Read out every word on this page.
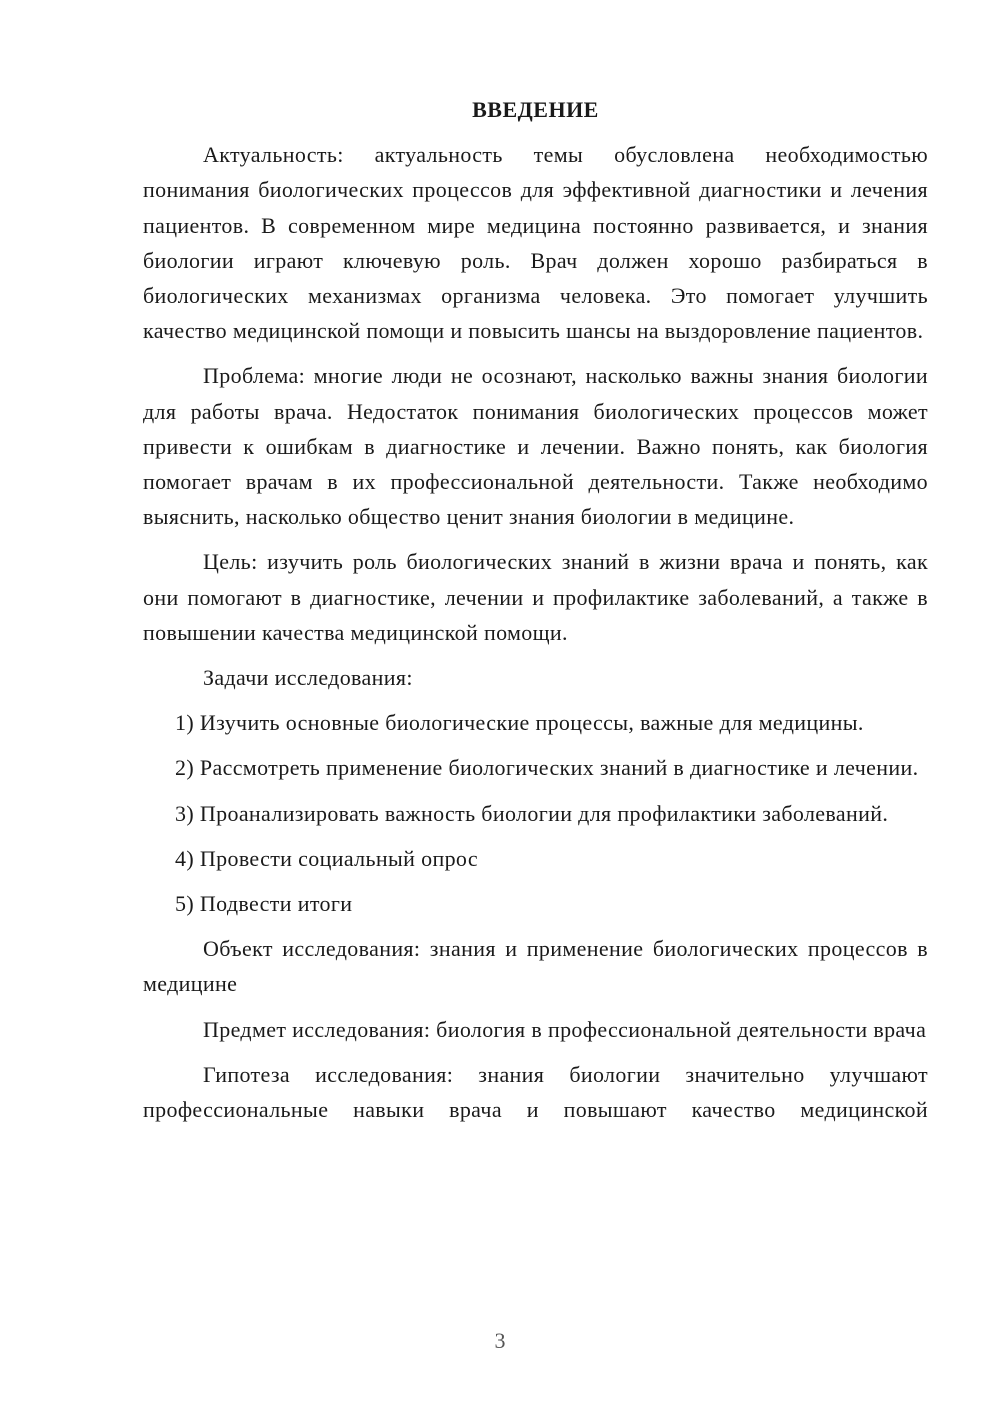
ВВЕДЕНИЕ

Актуальность: актуальность темы обусловлена необходимостью понимания биологических процессов для эффективной диагностики и лечения пациентов. В современном мире медицина постоянно развивается, и знания биологии играют ключевую роль. Врач должен хорошо разбираться в биологических механизмах организма человека. Это помогает улучшить качество медицинской помощи и повысить шансы на выздоровление пациентов.

Проблема: многие люди не осознают, насколько важны знания биологии для работы врача. Недостаток понимания биологических процессов может привести к ошибкам в диагностике и лечении. Важно понять, как биология помогает врачам в их профессиональной деятельности. Также необходимо выяснить, насколько общество ценит знания биологии в медицине.

Цель: изучить роль биологических знаний в жизни врача и понять, как они помогают в диагностике, лечении и профилактике заболеваний, а также в повышении качества медицинской помощи.

Задачи исследования:

1) Изучить основные биологические процессы, важные для медицины.

2) Рассмотреть применение биологических знаний в диагностике и лечении.

3) Проанализировать важность биологии для профилактики заболеваний.

4) Провести социальный опрос

5) Подвести итоги

Объект исследования: знания и применение биологических процессов в медицине

Предмет исследования: биология в профессиональной деятельности врача

Гипотеза исследования: знания биологии значительно улучшают профессиональные навыки врача и повышают качество медицинской

3
